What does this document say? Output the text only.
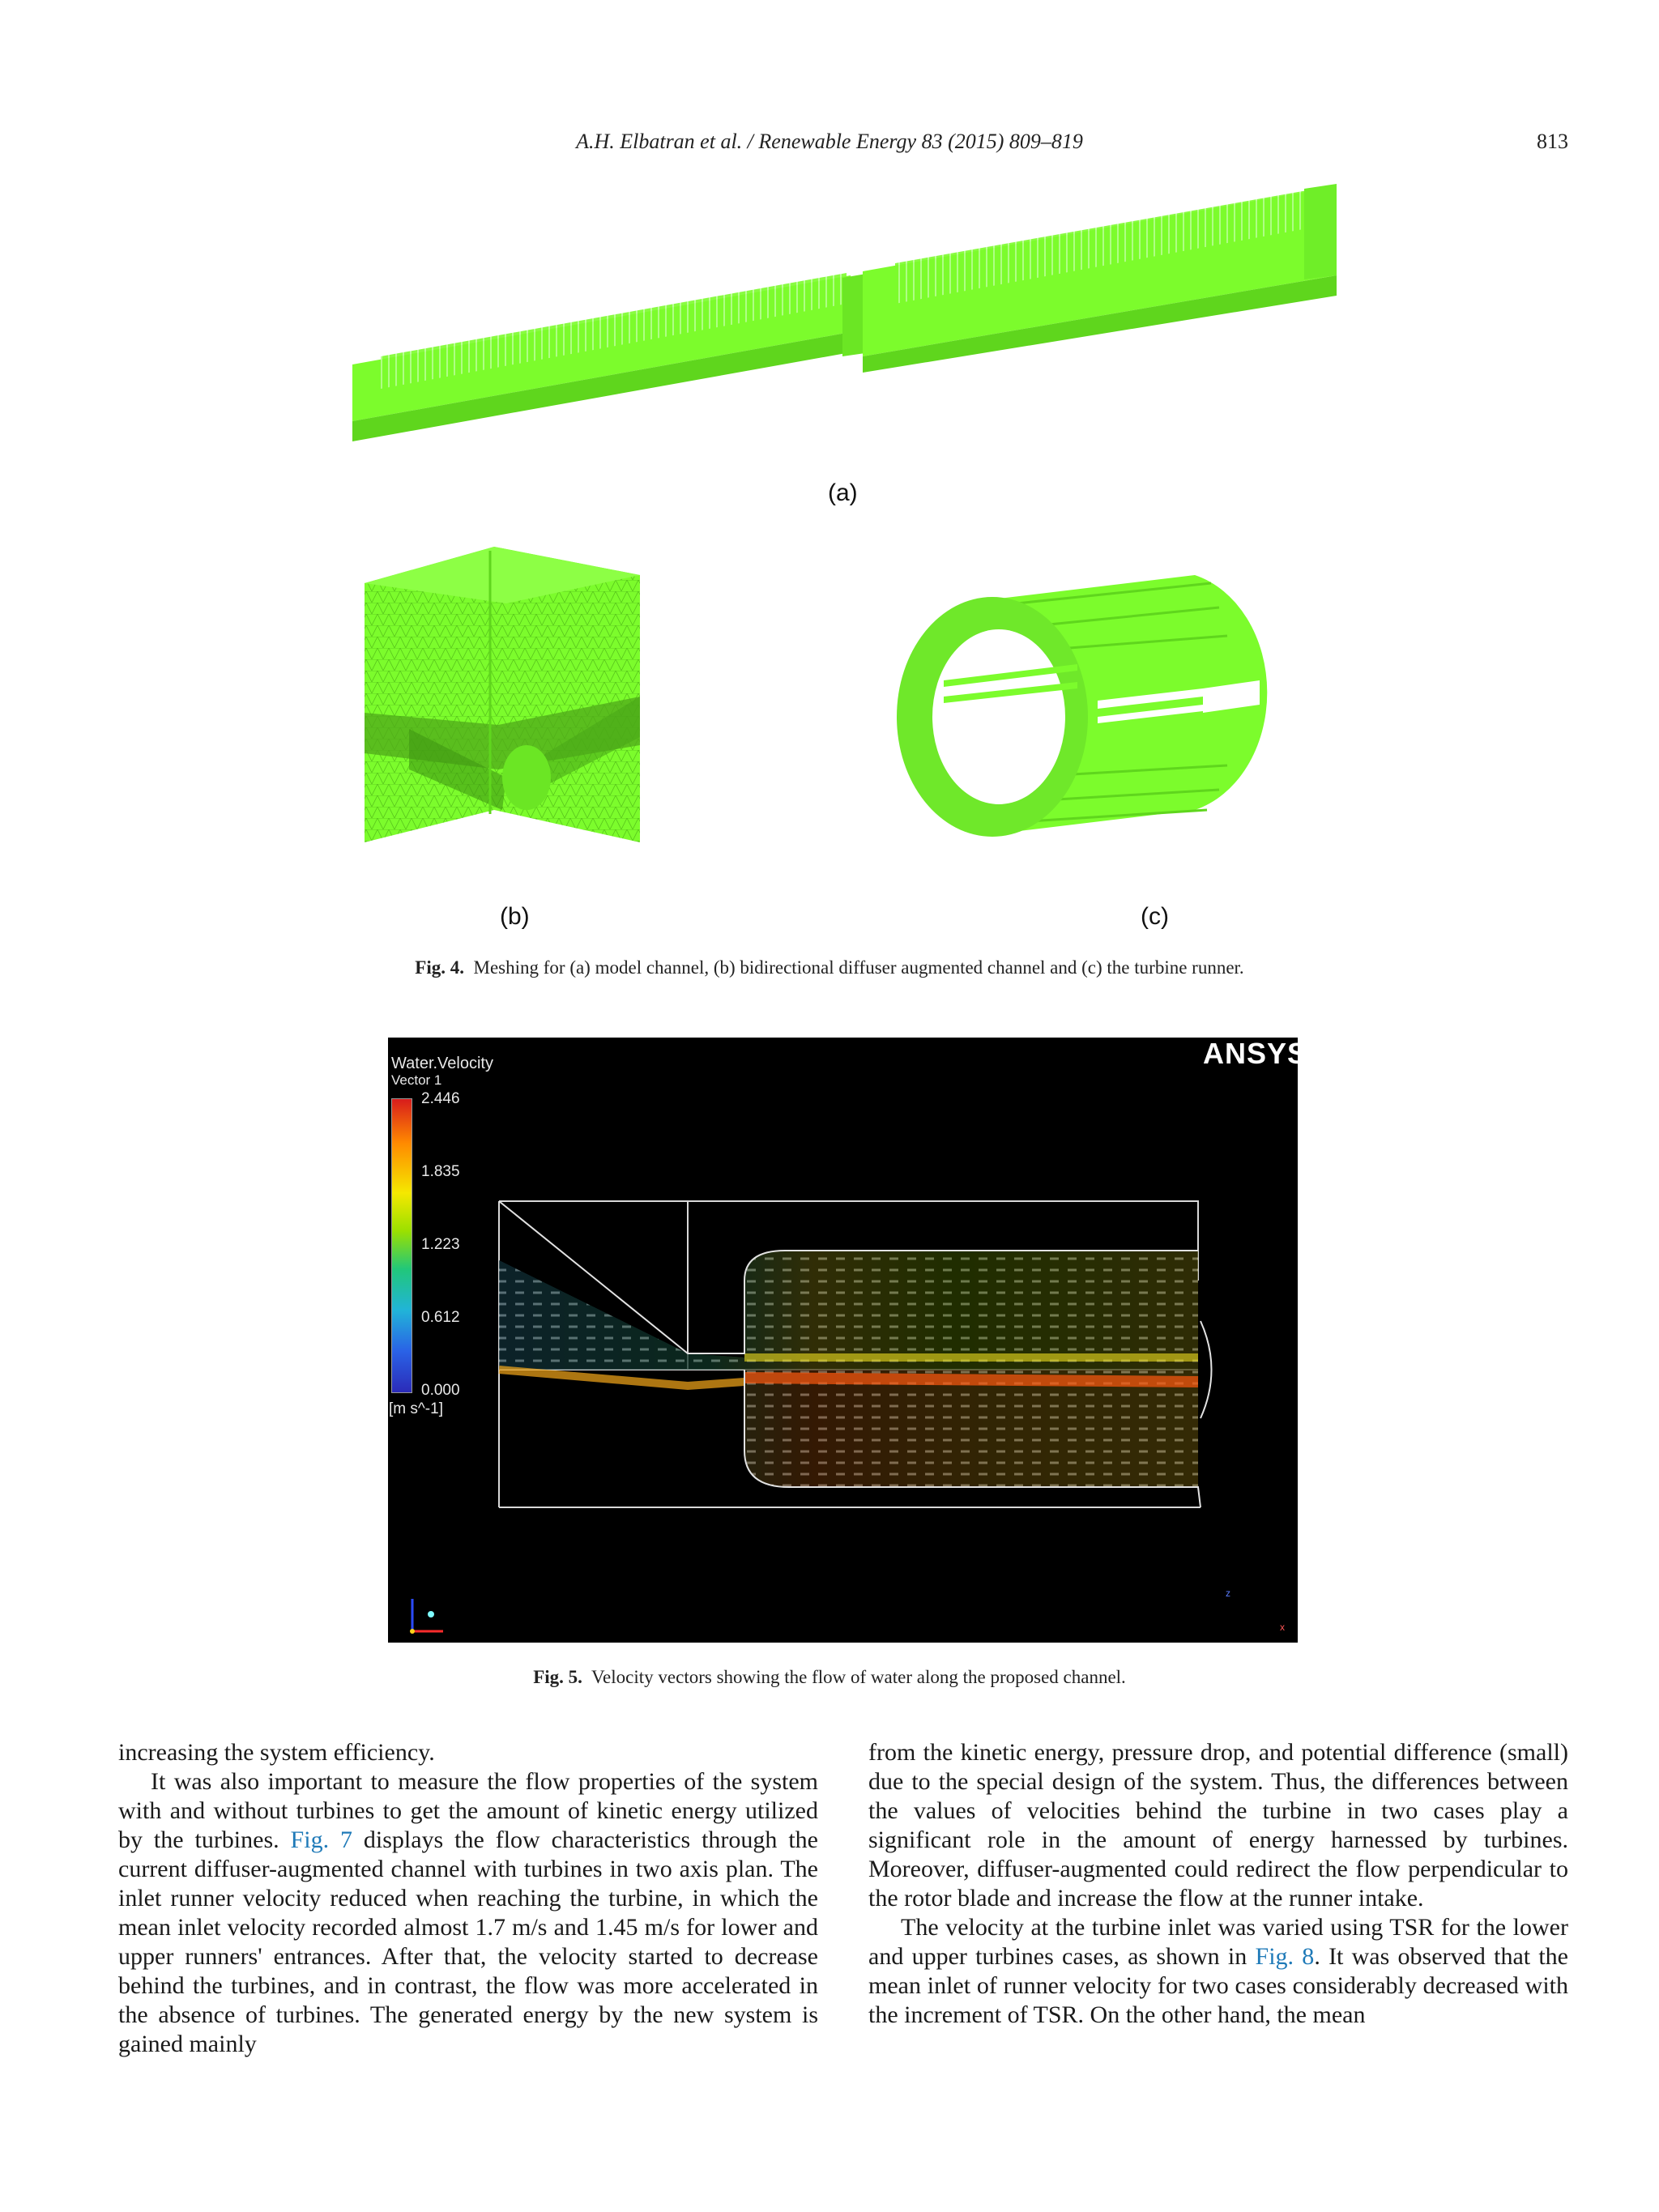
A.H. Elbatran et al. / Renewable Energy 83 (2015) 809–819	813
(a)
(b)	(c)
Fig. 4. Meshing for (a) model channel, (b) bidirectional diffuser augmented channel and (c) the turbine runner.
ANSYS
Water.Velocity
Vector 1
2.446
1.835
1.223
0.612
0.000
[m s^-1]
z
x
Fig. 5. Velocity vectors showing the flow of water along the proposed channel.

increasing the system efficiency.

It was also important to measure the flow properties of the system with and without turbines to get the amount of kinetic energy utilized by the turbines. Fig. 7 displays the flow characteristics through the current diffuser-augmented channel with turbines in two axis plan. The inlet runner velocity reduced when reaching the turbine, in which the mean inlet velocity recorded almost 1.7 m/s and 1.45 m/s for lower and upper runners' entrances. After that, the velocity started to decrease behind the turbines, and in contrast, the flow was more accelerated in the absence of turbines. The generated energy by the new system is gained mainly

from the kinetic energy, pressure drop, and potential difference (small) due to the special design of the system. Thus, the differences between the values of velocities behind the turbine in two cases play a significant role in the amount of energy harnessed by turbines. Moreover, diffuser-augmented could redirect the flow perpendicular to the rotor blade and increase the flow at the runner intake.

The velocity at the turbine inlet was varied using TSR for the lower and upper turbines cases, as shown in Fig. 8. It was observed that the mean inlet of runner velocity for two cases considerably decreased with the increment of TSR. On the other hand, the mean
